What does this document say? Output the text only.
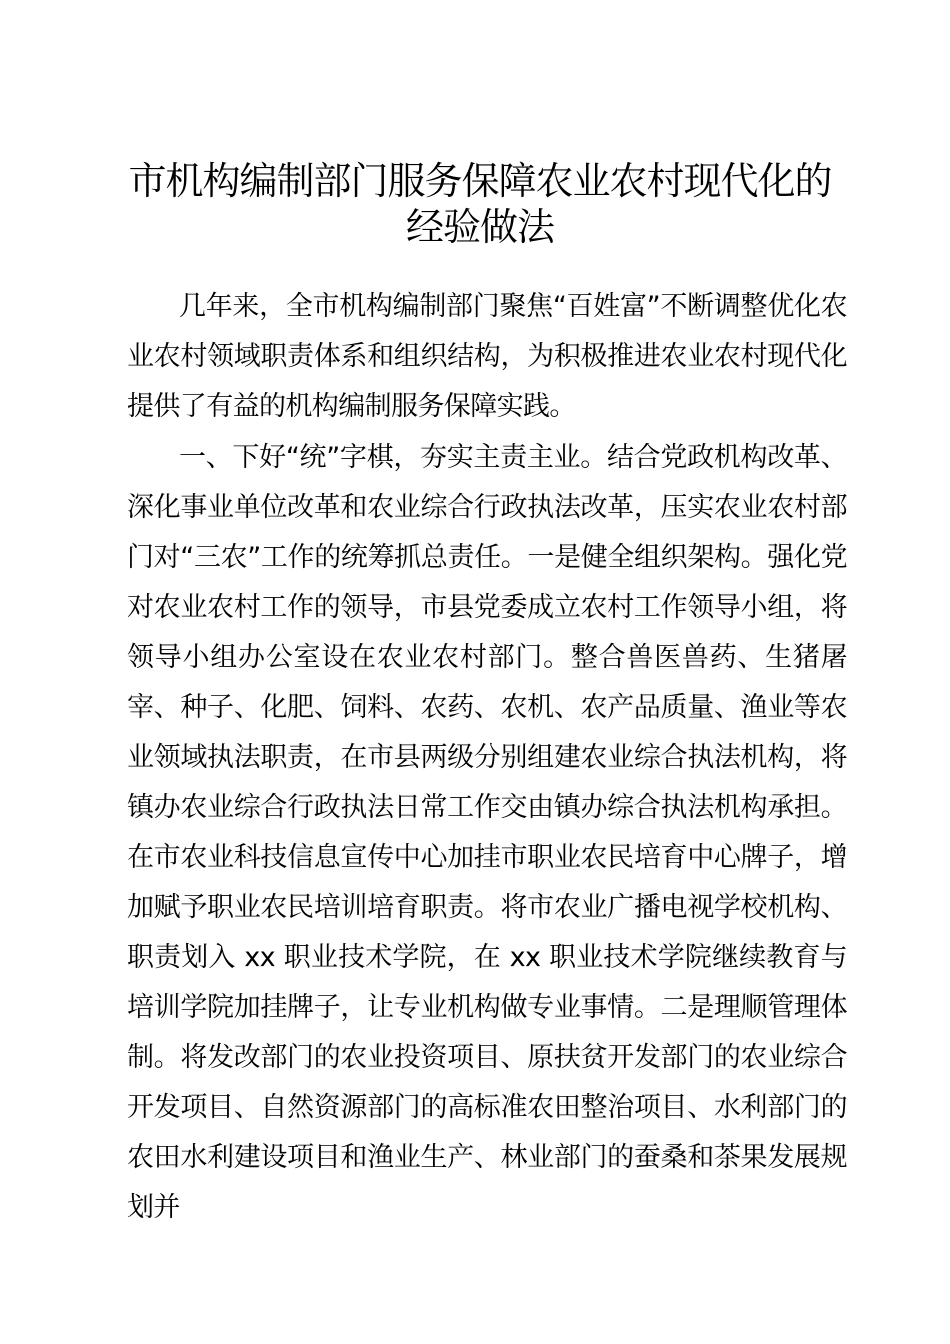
市机构编制部门服务保障农业农村现代化的经验做法

几年来，全市机构编制部门聚焦“百姓富”不断调整优化农业农村领域职责体系和组织结构，为积极推进农业农村现代化提供了有益的机构编制服务保障实践。

一、下好“统”字棋，夯实主责主业。结合党政机构改革、深化事业单位改革和农业综合行政执法改革，压实农业农村部门对“三农”工作的统筹抓总责任。一是健全组织架构。强化党对农业农村工作的领导，市县党委成立农村工作领导小组，将领导小组办公室设在农业农村部门。整合兽医兽药、生猪屠宰、种子、化肥、饲料、农药、农机、农产品质量、渔业等农业领域执法职责，在市县两级分别组建农业综合执法机构，将镇办农业综合行政执法日常工作交由镇办综合执法机构承担。在市农业科技信息宣传中心加挂市职业农民培育中心牌子，增加赋予职业农民培训培育职责。将市农业广播电视学校机构、职责划入 xx 职业技术学院，在 xx 职业技术学院继续教育与培训学院加挂牌子，让专业机构做专业事情。二是理顺管理体制。将发改部门的农业投资项目、原扶贫开发部门的农业综合开发项目、自然资源部门的高标准农田整治项目、水利部门的农田水利建设项目和渔业生产、林业部门的蚕桑和茶果发展规划并
